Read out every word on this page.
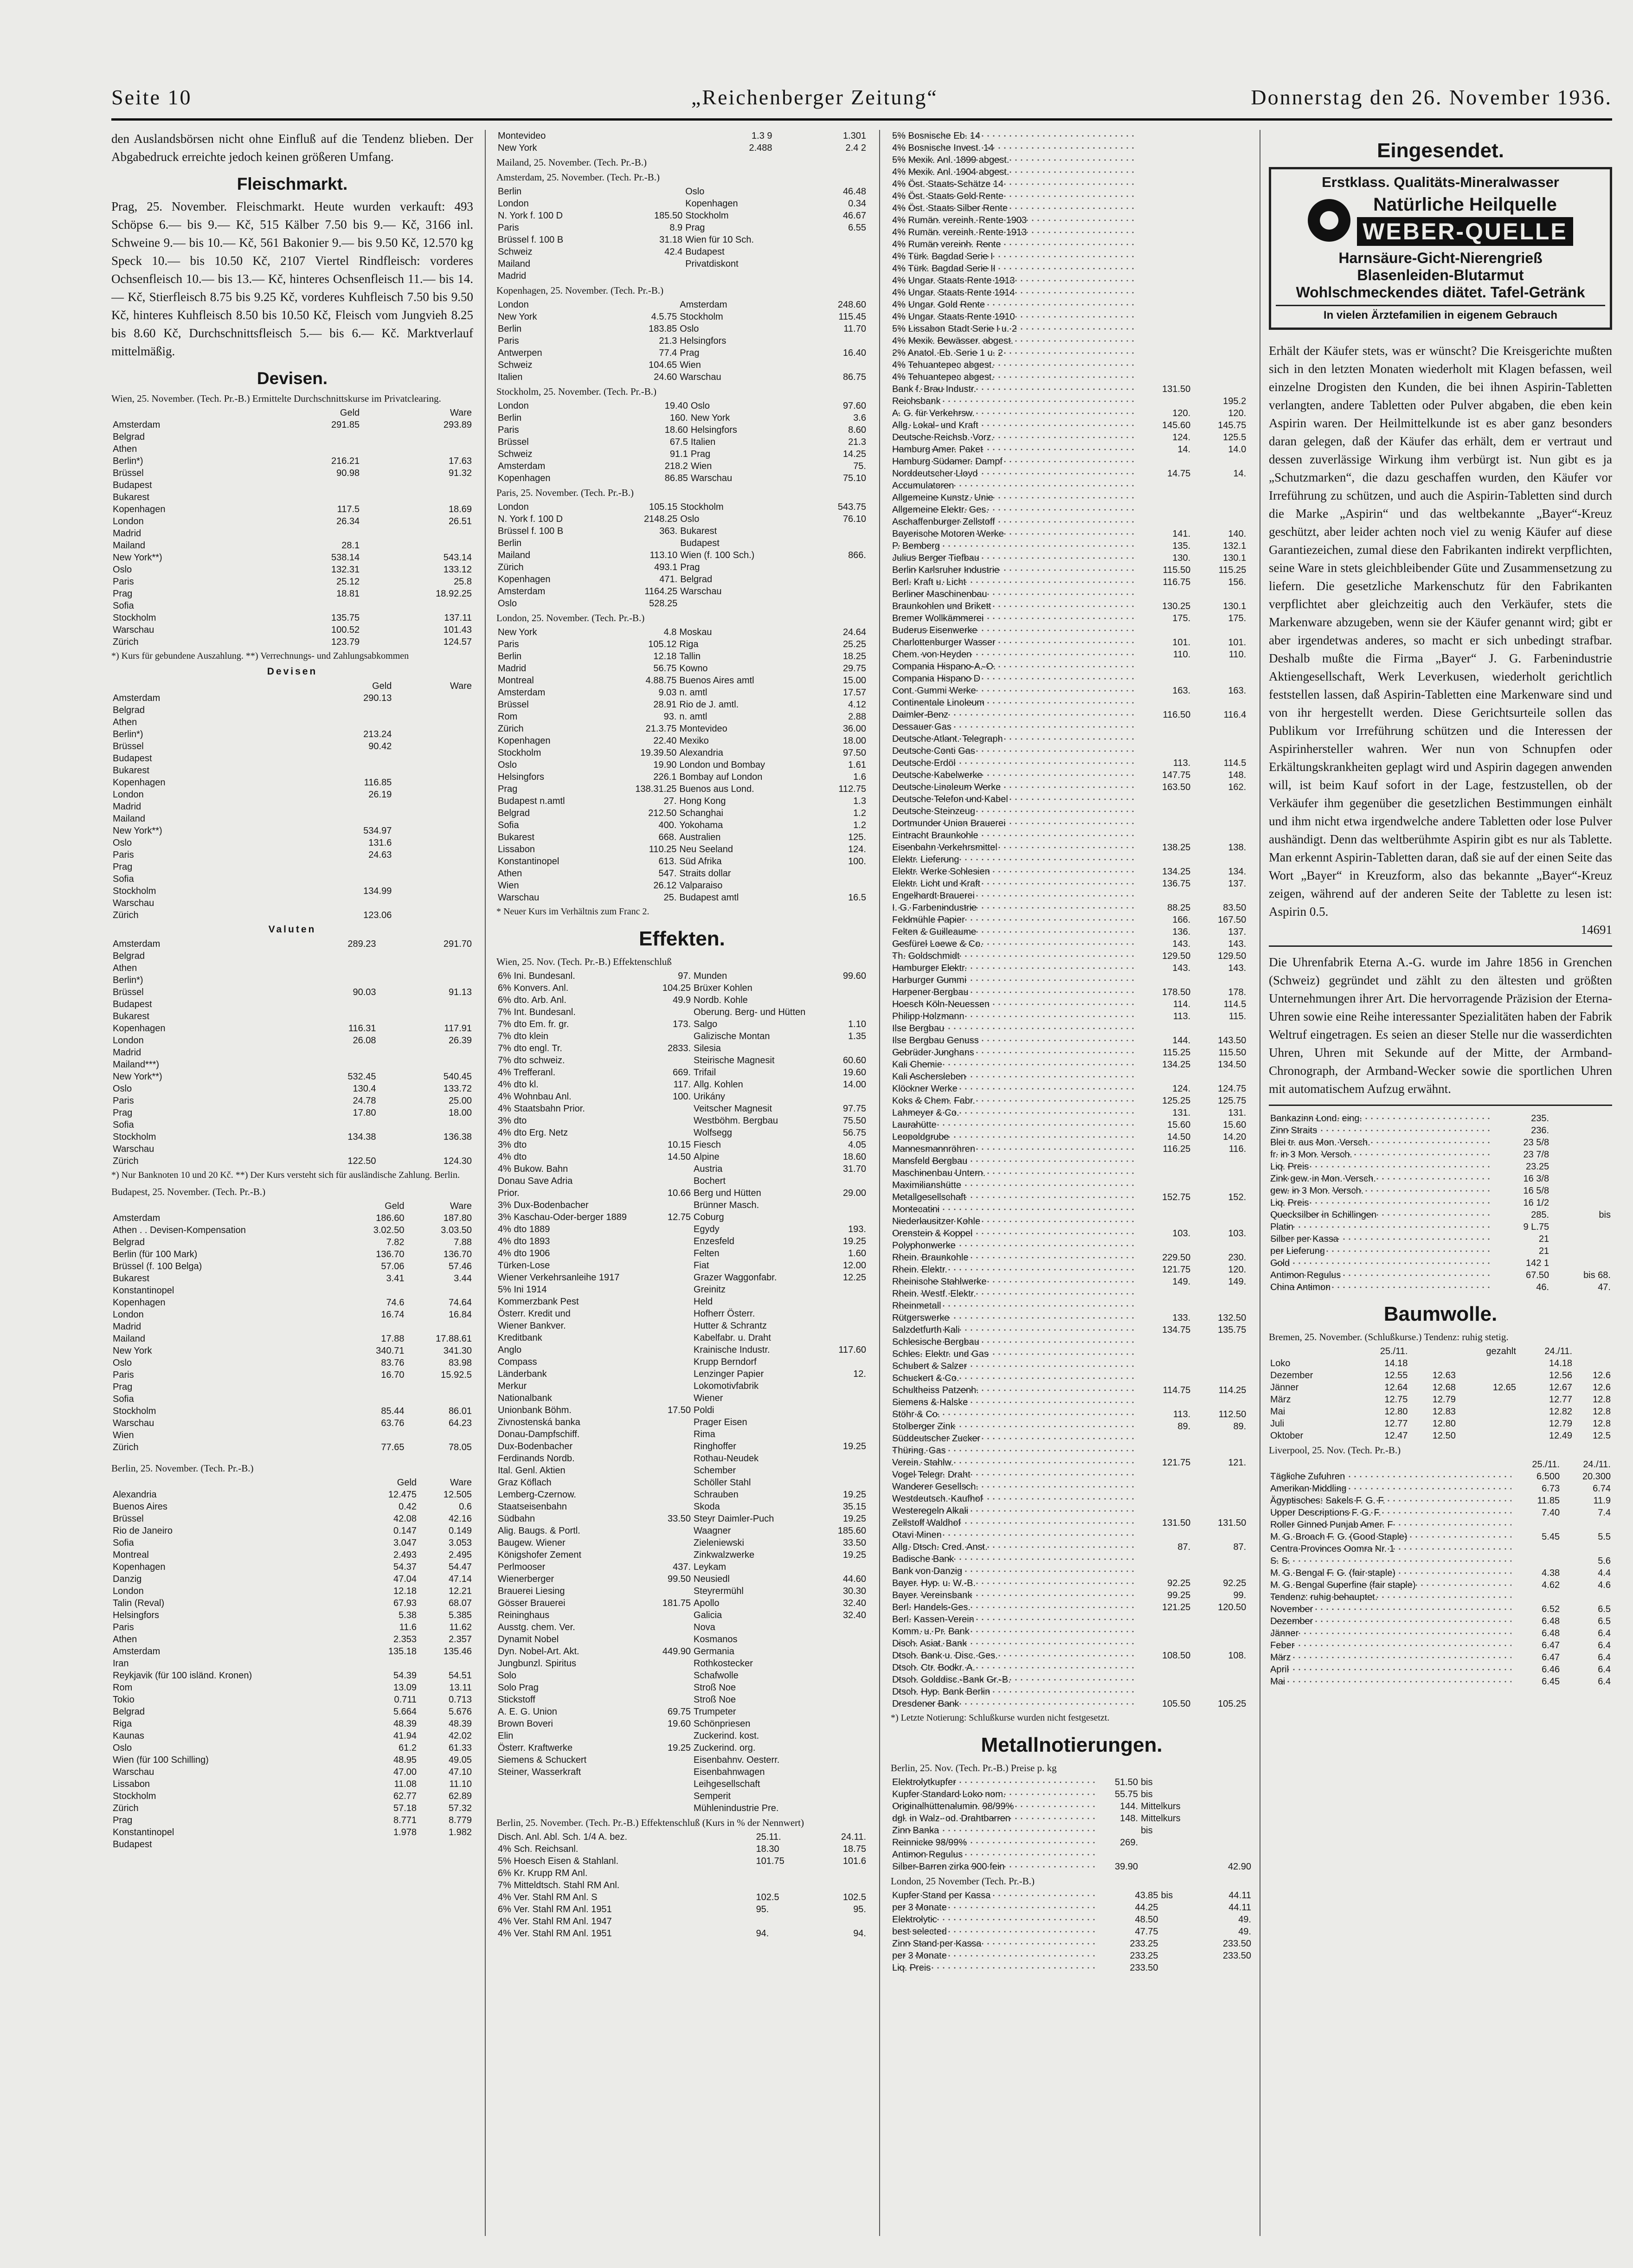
Seite 10	„Reichenberger Zeitung“	Donnerstag den 26. November 1936.

den Auslandsbörsen nicht ohne Einfluß auf die Tendenz blieben. Der Abgabedruck erreichte jedoch keinen größeren Umfang.

Fleischmarkt.

Prag, 25. November. Fleischmarkt. Heute wurden verkauft: 493 Schöpse 6.— bis 9.— Kč, 515 Kälber 7.50 bis 9.— Kč, 3166 inl. Schweine 9.— bis 10.— Kč, 561 Bakonier 9.— bis 9.50 Kč, 12.570 kg Speck 10.— bis 10.50 Kč, 2107 Viertel Rindfleisch: vorderes Ochsenfleisch 10.— bis 13.— Kč, hinteres Ochsenfleisch 11.— bis 14.— Kč, Stierfleisch 8.75 bis 9.25 Kč, vorderes Kuhfleisch 7.50 bis 9.50 Kč, hinteres Kuhfleisch 8.50 bis 10.50 Kč, Fleisch vom Jungvieh 8.25 bis 8.60 Kč, Durchschnittsfleisch 5.— bis 6.— Kč. Marktverlauf mittelmäßig.

Devisen.

Wien, 25. November. (Tech. Pr.-B.) Ermittelte Durchschnittskurse im Privatclearing.

	Geld	Ware
Amsterdam	291.85	293.89
Belgrad		
Athen		
Berlin*)	216.21	17.63
Brüssel	90.98	91.32
Budapest		
Bukarest		
Kopenhagen	117.5	18.69
London	26.34	26.51
Madrid		
Mailand	28.1	
New York**)	538.14	543.14
Oslo	132.31	133.12
Paris	25.12	25.8
Prag	18.81	18.92.25
Sofia		
Stockholm	135.75	137.11
Warschau	100.52	101.43
Zürich	123.79	124.57

*) Kurs für gebundene Auszahlung. **) Verrechnungs- und Zahlungsabkommen

Devisen
	Geld	Ware
Amsterdam	290.13	
Belgrad		
Athen		
Berlin*)	213.24	
Brüssel	90.42	
Budapest		
Bukarest		
Kopenhagen	116.85	
London	26.19	
Madrid		
Mailand		
New York**)	534.97	
Oslo	131.6	
Paris	24.63	
Prag		
Sofia		
Stockholm	134.99	
Warschau		
Zürich	123.06	
Valuten
Amsterdam	289.23	291.70
Belgrad		
Athen		
Berlin*)		
Brüssel	90.03	91.13
Budapest		
Bukarest		
Kopenhagen	116.31	117.91
London	26.08	26.39
Madrid		
Mailand***)		
New York**)	532.45	540.45
Oslo	130.4	133.72
Paris	24.78	25.00
Prag	17.80	18.00
Sofia		
Stockholm	134.38	136.38
Warschau		
Zürich	122.50	124.30

*) Nur Banknoten 10 und 20 Kč. **) Der Kurs versteht sich für ausländische Zahlung. Berlin.

Budapest, 25. November. (Tech. Pr.-B.)

	Geld	Ware
Amsterdam	186.60	187.80
Athen . . Devisen-Kompensation	3.02.50	3.03.50
Belgrad	7.82	7.88
Berlin (für 100 Mark)	136.70	136.70
Brüssel (f. 100 Belga)	57.06	57.46
Bukarest	3.41	3.44
Konstantinopel		
Kopenhagen	74.6	74.64
London	16.74	16.84
Madrid		
Mailand	17.88	17.88.61
New York	340.71	341.30
Oslo	83.76	83.98
Paris	16.70	15.92.5
Prag		
Sofia		
Stockholm	85.44	86.01
Warschau	63.76	64.23
Wien		
Zürich	77.65	78.05

Berlin, 25. November. (Tech. Pr.-B.)

	Geld	Ware
Alexandria	12.475	12.505
Buenos Aires	0.42	0.6
Brüssel	42.08	42.16
Rio de Janeiro	0.147	0.149
Sofia	3.047	3.053
Montreal	2.493	2.495
Kopenhagen	54.37	54.47
Danzig	47.04	47.14
London	12.18	12.21
Talin (Reval)	67.93	68.07
Helsingfors	5.38	5.385
Paris	11.6	11.62
Athen	2.353	2.357
Amsterdam	135.18	135.46
Iran		
Reykjavik (für 100 isländ. Kronen)	54.39	54.51
Rom	13.09	13.11
Tokio	0.711	0.713
Belgrad	5.664	5.676
Riga	48.39	48.39
Kaunas	41.94	42.02
Oslo	61.2	61.33
Wien (für 100 Schilling)	48.95	49.05
Warschau	47.00	47.10
Lissabon	11.08	11.10
Stockholm	62.77	62.89
Zürich	57.18	57.32
Prag	8.771	8.779
Konstantinopel	1.978	1.982
Budapest		
Montevideo	1.3 9	1.301
New York	2.488	2.4 2

Mailand, 25. November. (Tech. Pr.-B.)

Amsterdam, 25. November. (Tech. Pr.-B.)

Berlin		Oslo	46.48
London		Kopenhagen	0.34
N. York f. 100 D	185.50	Stockholm	46.67
Paris	8.9	Prag	6.55
Brüssel f. 100 B	31.18	Wien für 10 Sch.	
Schweiz	42.4	Budapest	
Mailand		Privatdiskont	
Madrid			

Kopenhagen, 25. November. (Tech. Pr.-B.)

London		Amsterdam	248.60
New York	4.5.75	Stockholm	115.45
Berlin	183.85	Oslo	11.70
Paris	21.3	Helsingfors	
Antwerpen	77.4	Prag	16.40
Schweiz	104.65	Wien	
Italien	24.60	Warschau	86.75

Stockholm, 25. November. (Tech. Pr.-B.)

London	19.40	Oslo	97.60
Berlin	160.	New York	3.6
Paris	18.60	Helsingfors	8.60
Brüssel	67.5	Italien	21.3
Schweiz	91.1	Prag	14.25
Amsterdam	218.2	Wien	75.
Kopenhagen	86.85	Warschau	75.10

Paris, 25. November. (Tech. Pr.-B.)

London	105.15	Stockholm	543.75
N. York f. 100 D	2148.25	Oslo	76.10
Brüssel f. 100 B	363.	Bukarest	
Berlin		Budapest	
Mailand	113.10	Wien (f. 100 Sch.)	866.
Zürich	493.1	Prag	
Kopenhagen	471.	Belgrad	
Amsterdam	1164.25	Warschau	
Oslo	528.25		

London, 25. November. (Tech. Pr.-B.)

New York	4.8	Moskau	24.64
Paris	105.12	Riga	25.25
Berlin	12.18	Tallin	18.25
Madrid	56.75	Kowno	29.75
Montreal	4.88.75	Buenos Aires amtl	15.00
Amsterdam	9.03	n. amtl	17.57
Brüssel	28.91	Rio de J. amtl.	4.12
Rom	93.	n. amtl	2.88
Zürich	21.3.75	Montevideo	36.00
Kopenhagen	22.40	Mexiko	18.00
Stockholm	19.39.50	Alexandria	97.50
Oslo	19.90	London und Bombay	1.61
Helsingfors	226.1	Bombay auf London	1.6
Prag	138.31.25	Buenos aus Lond.	112.75
Budapest n.amtl	27.	Hong Kong	1.3
Belgrad	212.50	Schanghai	1.2
Sofia	400.	Yokohama	1.2
Bukarest	668.	Australien	125.
Lissabon	110.25	Neu Seeland	124.
Konstantinopel	613.	Süd Afrika	100.
Athen	547.	Straits dollar	
Wien	26.12	Valparaiso	
Warschau	25.	Budapest amtl	16.5

* Neuer Kurs im Verhältnis zum Franc 2.

Effekten.

Wien, 25. Nov. (Tech. Pr.-B.) Effektenschluß

6% Ini. Bundesanl.	97.	Munden	99.60
6% Konvers. Anl.	104.25	Brüxer Kohlen	
6% dto. Arb. Anl.	49.9	Nordb. Kohle	
7% Int. Bundesanl.		Oberung. Berg- und Hütten	
7% dto Em. fr. gr.	173.	Salgo	1.10
7% dto klein		Galizische Montan	1.35
7% dto engl. Tr.	2833.	Silesia	
7% dto schweiz.		Steirische Magnesit	60.60
4% Trefferanl.	669.	Trifail	19.60
4% dto kl.	117.	Allg. Kohlen	14.00
4% Wohnbau Anl.	100.	Urikány	
4% Staatsbahn Prior.		Veitscher Magnesit	97.75
3% dto		Westböhm. Bergbau	75.50
4% dto Erg. Netz		Wolfsegg	56.75
3% dto	10.15	Fiesch	4.05
4% dto	14.50	Alpine	18.60
4% Bukow. Bahn		Austria	31.70
Donau Save Adria		Bochert	
Prior.	10.66	Berg und Hütten	29.00
3% Dux-Bodenbacher		Brünner Masch.	
3% Kaschau-Oder-berger 1889	12.75	Coburg	
4% dto 1889		Egydy	193.
4% dto 1893		Enzesfeld	19.25
4% dto 1906		Felten	1.60
Türken-Lose		Fiat	12.00
Wiener Verkehrsanleihe 1917		Grazer Waggonfabr.	12.25
5% Ini 1914		Greinitz	
Kommerzbank Pest		Held	
Österr. Kredit und		Hofherr Österr.	
Wiener Bankver.		Hutter & Schrantz	
Kreditbank		Kabelfabr. u. Draht	
Anglo		Krainische Industr.	117.60
Compass		Krupp Berndorf	
Länderbank		Lenzinger Papier	12.
Merkur		Lokomotivfabrik	
Nationalbank		Wiener	
Unionbank Böhm.	17.50	Poldi	
Zivnostenská banka		Prager Eisen	
Donau-Dampfschiff.		Rima	
Dux-Bodenbacher		Ringhoffer	19.25
Ferdinands Nordb.		Rothau-Neudek	
Ital. Genl. Aktien		Schember	
Graz Köflach		Schöller Stahl	
Lemberg-Czernow.		Schrauben	19.25
Staatseisenbahn		Skoda	35.15
Südbahn	33.50	Steyr Daimler-Puch	19.25
Alig. Baugs. & Portl.		Waagner	185.60
Baugew. Wiener		Zieleniewski	33.50
Königshofer Zement		Zinkwalzwerke	19.25
Perlmooser	437.	Leykam	
Wienerberger	99.50	Neusiedl	44.60
Brauerei Liesing		Steyrermühl	30.30
Gösser Brauerei	181.75	Apollo	32.40
Reininghaus		Galicia	32.40
Ausstg. chem. Ver.		Nova	
Dynamit Nobel		Kosmanos	
Dyn. Nobel-Art. Akt.	449.90	Germania	
Jungbunzl. Spiritus		Rothkostecker	
Solo		Schafwolle	
Solo Prag		Stroß Noe	
Stickstoff		Stroß Noe	
A. E. G. Union	69.75	Trumpeter	
Brown Boveri	19.60	Schönpriesen	
Elin		Zuckerind. kost.	
Österr. Kraftwerke	19.25	Zuckerind. org.	
Siemens & Schuckert		Eisenbahnv. Oesterr.	
Steiner, Wasserkraft		Eisenbahnwagen	
		Leihgesellschaft	
		Semperit	
		Mühlenindustrie Pre.	

Berlin, 25. November. (Tech. Pr.-B.) Effektenschluß (Kurs in % der Nennwert)

Disch. Anl. Abl. Sch. 1/4 A. bez.		25.11.	24.11.
4% Sch. Reichsanl.		18.30	18.75
5% Hoesch Eisen & Stahlanl.		101.75	101.6
6% Kr. Krupp RM Anl.			
7% Mitteldtsch. Stahl RM Anl.			
4% Ver. Stahl RM Anl. S		102.5	102.5
6% Ver. Stahl RM Anl. 1951		95.	95.
4% Ver. Stahl RM Anl. 1947			
4% Ver. Stahl RM Anl. 1951		94.	94.
5% Bosnische Eb. 14			
4% Bosnische Invest. 14			
5% Mexik. Anl. 1899 abgest.			
4% Mexik. Anl. 1904 abgest.			
4% Öst. Staats-Schätze 14			
4% Öst. Staats Gold Rente			
4% Öst. Staats Silber Rente			
4% Rumän. vereinh. Rente 1903			
4% Rumän. vereinh. Rente 1913			
4% Rumän vereinh. Rente			
4% Türk. Bagdad Serie I			
4% Türk. Bagdad Serie II			
4% Ungar. Staats Rente 1913			
4% Ungar. Staats Rente 1914			
4% Ungar. Gold Rente			
4% Ungar. Staats Rente 1910			
5% Lissabon Stadt Serie I u. 2			
4% Mexik. Bewässer. abgest.			
2% Anatol. Eb. Serie 1 u. 2			
4% Tehuantepec abgest.			
4% Tehuantepec abgest.			
Bank f. Brau Industr.	131.50		
Reichsbank		195.2	
A. G. für Verkehrsw.	120.	120.	
Allg. Lokal- und Kraft	145.60	145.75	
Deutsche Reichsb. Vorz.	124.	125.5	
Hamburg Amer. Paket	14.	14.0	
Hamburg Südamer. Dampf			
Norddeutscher Lloyd	14.75	14.	
Accumulatoren			
Allgemeine Kunstz. Unie			
Allgemeine Elektr. Ges.			
Aschaffenburger Zellstoff			
Bayerische Motoren Werke	141.	140.	
P. Bemberg	135.	132.1	
Julius Berger Tiefbau	130.	130.1	
Berlin Karlsruher Industrie	115.50	115.25	
Berl. Kraft u. Licht	116.75	156.	
Berliner Maschinenbau			
Braunkohlen und Brikett	130.25	130.1	
Bremer Wollkämmerei	175.	175.	
Buderus Eisenwerke			
Charlottenburger Wasser	101.	101.	
Chem. von Heyden	110.	110.	
Compania Hispano-A.-O.			
Compania Hispano D			
Cont. Gummi Werke	163.	163.	
Continentale Linoleum			
Daimler-Benz	116.50	116.4	
Dessauer Gas			
Deutsche Atlant. Telegraph			
Deutsche Conti Gas			
Deutsche Erdöl	113.	114.5	
Deutsche Kabelwerke	147.75	148.	
Deutsche Linoleum Werke	163.50	162.	
Deutsche Telefon und Kabel			
Deutsche Steinzeug			
Dortmunder Union Brauerei			
Eintracht Braunkohle			
Eisenbahn Verkehrsmittel	138.25	138.	
Elektr. Lieferung			
Elektr. Werke Schlesien	134.25	134.	
Elektr. Licht und Kraft	136.75	137.	
Engelhardt Brauerei			
I. G. Farbenindustrie	88.25	83.50	
Feldmühle Papier	166.	167.50	
Felten & Guilleaume	136.	137.	
Gesfürel Loewe & Co.	143.	143.	
Th. Goldschmidt	129.50	129.50	
Hamburger Elektr.	143.	143.	
Harburger Gummi			
Harpener Bergbau	178.50	178.	
Hoesch Köln-Neuessen	114.	114.5	
Philipp Holzmann	113.	115.	
Ilse Bergbau			
Ilse Bergbau Genuss	144.	143.50	
Gebrüder Junghans	115.25	115.50	
Kali Chemie	134.25	134.50	
Kali Aschersleben			
Klöckner Werke	124.	124.75	
Koks & Chem. Fabr.	125.25	125.75	
Lahmeyer & Co.	131.	131.	
Laurahütte	15.60	15.60	
Leopoldgrube	14.50	14.20	
Mannesmannröhren	116.25	116.	
Mansfeld Bergbau			
Maschinenbau Untern.			
Maximilianshütte			
Metallgesellschaft	152.75	152.	
Montecatini			
Niederlausitzer Kohle			
Orenstein & Koppel	103.	103.	
Polyphonwerke			
Rhein. Braunkohle	229.50	230.	
Rhein. Elektr.	121.75	120.	
Rheinische Stahlwerke	149.	149.	
Rhein. Westf. Elektr.			
Rheinmetall			
Rütgerswerke	133.	132.50	
Salzdetfurth Kali	134.75	135.75	
Schlesische Bergbau			
Schles. Elektr. und Gas			
Schubert & Salzer			
Schuckert & Co.			
Schultheiss Patzenh.	114.75	114.25	
Siemens & Halske			
Stöhr & Co.	113.	112.50	
Stolberger Zink	89.	89.	
Süddeutscher Zucker			
Thüring. Gas			
Verein. Stahlw.	121.75	121.	
Vogel Telegr. Draht			
Wanderer Gesellsch.			
Westdeutsch. Kaufhof			
Westeregeln Alkali			
Zellstoff Waldhof	131.50	131.50	
Otavi Minen			
Allg. Dtsch. Cred. Anst.	87.	87.	
Badische Bank			
Bank von Danzig			
Bayer. Hyp. u. W.-B.	92.25	92.25	
Bayer. Vereinsbank	99.25	99.	
Berl. Handels-Ges.	121.25	120.50	
Berl. Kassen-Verein			
Komm. u. Pr. Bank			
Disch. Asiat. Bank			
Dtsch. Bank u. Disc. Ges.	108.50	108.	
Dtsch. Ctr. Bodkr. A.			
Dtsch. Golddisc.-Bank Gr.-B.			
Dtsch. Hyp. Bank Berlin			
Dresdener Bank	105.50	105.25	

*) Letzte Notierung: Schlußkurse wurden nicht festgesetzt.

Metallnotierungen.

Berlin, 25. Nov. (Tech. Pr.-B.) Preise p. kg

Elektrolytkupfer	51.50	bis	
Kupfer Standard Loko nom.	55.75	bis	
Originalhüttenalumin. 98/99%	144.	Mittelkurs	
dgl. in Walz- od. Drahtbarren	148.	Mittelkurs	
Zinn Banka		bis	
Reinnicke 98/99%	269.		
Antimon Regulus			
Silber-Barren zirka 900 fein	39.90		42.90

London, 25 November (Tech. Pr.-B.)

Kupfer Stand per Kassa	43.85	bis	44.11
per 3 Monate	44.25		44.11
Elektrolytic	48.50		49.
best selected	47.75		49.
Zinn Stand per Kassa	233.25		233.50
per 3 Monate	233.25		233.50
Liq. Preis	233.50		
Eingesendet.
Erstklass. Qualitäts-Mineralwasser
Natürliche Heilquelle
WEBER-QUELLE
Harnsäure-Gicht-Nierengrieß
Blasenleiden-Blutarmut
Wohlschmeckendes diätet. Tafel-Getränk
In vielen Ärztefamilien in eigenem Gebrauch

Erhält der Käufer stets, was er wünscht? Die Kreisgerichte mußten sich in den letzten Monaten wiederholt mit Klagen befassen, weil einzelne Drogisten den Kunden, die bei ihnen Aspirin-Tabletten verlangten, andere Tabletten oder Pulver abgaben, die eben kein Aspirin waren. Der Heilmittelkunde ist es aber ganz besonders daran gelegen, daß der Käufer das erhält, dem er vertraut und dessen zuverlässige Wirkung ihm verbürgt ist. Nun gibt es ja „Schutzmarken“, die dazu geschaffen wurden, den Käufer vor Irreführung zu schützen, und auch die Aspirin-Tabletten sind durch die Marke „Aspirin“ und das weltbekannte „Bayer“-Kreuz geschützt, aber leider achten noch viel zu wenig Käufer auf diese Garantiezeichen, zumal diese den Fabrikanten indirekt verpflichten, seine Ware in stets gleichbleibender Güte und Zusammensetzung zu liefern. Die gesetzliche Markenschutz für den Fabrikanten verpflichtet aber gleichzeitig auch den Verkäufer, stets die Markenware abzugeben, wenn sie der Käufer genannt wird; gibt er aber irgendetwas anderes, so macht er sich unbedingt strafbar. Deshalb mußte die Firma „Bayer“ J. G. Farbenindustrie Aktiengesellschaft, Werk Leverkusen, wiederholt gerichtlich feststellen lassen, daß Aspirin-Tabletten eine Markenware sind und von ihr hergestellt werden. Diese Gerichtsurteile sollen das Publikum vor Irreführung schützen und die Interessen der Aspirinhersteller wahren. Wer nun von Schnupfen oder Erkältungskrankheiten geplagt wird und Aspirin dagegen anwenden will, ist beim Kauf sofort in der Lage, festzustellen, ob der Verkäufer ihm gegenüber die gesetzlichen Bestimmungen einhält und ihm nicht etwa irgendwelche andere Tabletten oder lose Pulver aushändigt. Denn das weltberühmte Aspirin gibt es nur als Tablette. Man erkennt Aspirin-Tabletten daran, daß sie auf der einen Seite das Wort „Bayer“ in Kreuzform, also das bekannte „Bayer“-Kreuz zeigen, während auf der anderen Seite der Tablette zu lesen ist: Aspirin 0.5.

14691

Die Uhrenfabrik Eterna A.-G. wurde im Jahre 1856 in Grenchen (Schweiz) gegründet und zählt zu den ältesten und größten Unternehmungen ihrer Art. Die hervorragende Präzision der Eterna-Uhren sowie eine Reihe interessanter Spezialitäten haben der Fabrik Weltruf eingetragen. Es seien an dieser Stelle nur die wasserdichten Uhren, Uhren mit Sekunde auf der Mitte, der Armband-Chronograph, der Armband-Wecker sowie die sportlichen Uhren mit automatischem Aufzug erwähnt.

Bankazinn Lond. eing.	235.	
Zinn Straits	236.	
Blei tr. aus Mon. Versch.	23 5/8	
fr. in 3 Mon. Versch.	23 7/8	
Liq. Preis	23.25	
Zink gew. in Mon. Versch.	16 3/8	
gew. in 3 Mon. Versch.	16 5/8	
Liq. Preis	16 1/2	
Quecksilber in Schillingen	285.	bis
Platin	9 L.75	
Silber per Kassa	21	
per Lieferung	21	
Gold	142 1	
Antimon Regulus	67.50	bis 68.
China Antimon	46.	47.
Baumwolle.

Bremen, 25. November. (Schlußkurse.) Tendenz: ruhig stetig.

	25./11.		gezahlt	24./11.	
Loko	14.18			14.18	
Dezember	12.55	12.63		12.56	12.6
Jänner	12.64	12.68	12.65	12.67	12.6
März	12.75	12.79		12.77	12.8
Mai	12.80	12.83		12.82	12.8
Juli	12.77	12.80		12.79	12.8
Oktober	12.47	12.50		12.49	12.5

Liverpool, 25. Nov. (Tech. Pr.-B.)

	25./11.	24./11.
Tägliche Zufuhren	6.500	20.300
Amerikan Middling	6.73	6.74
Ägyptisches: Sakels F. G. F.	11.85	11.9
Upper Descriptions F. G. F.	7.40	7.4
Roller Ginned Punjab Amer. F		
M. G. Broach F. G. (Good Staple)	5.45	5.5
Centra Provinces Oomra Nr. 1		
S. S.		5.6
M. G. Bengal F. G. (fair staple)	4.38	4.4
M. G. Bengal Superfine (fair staple)	4.62	4.6
Tendenz: ruhig behauptet.		
November	6.52	6.5
Dezember	6.48	6.5
Jänner	6.48	6.4
Feber	6.47	6.4
März	6.47	6.4
April	6.46	6.4
Mai	6.45	6.4
